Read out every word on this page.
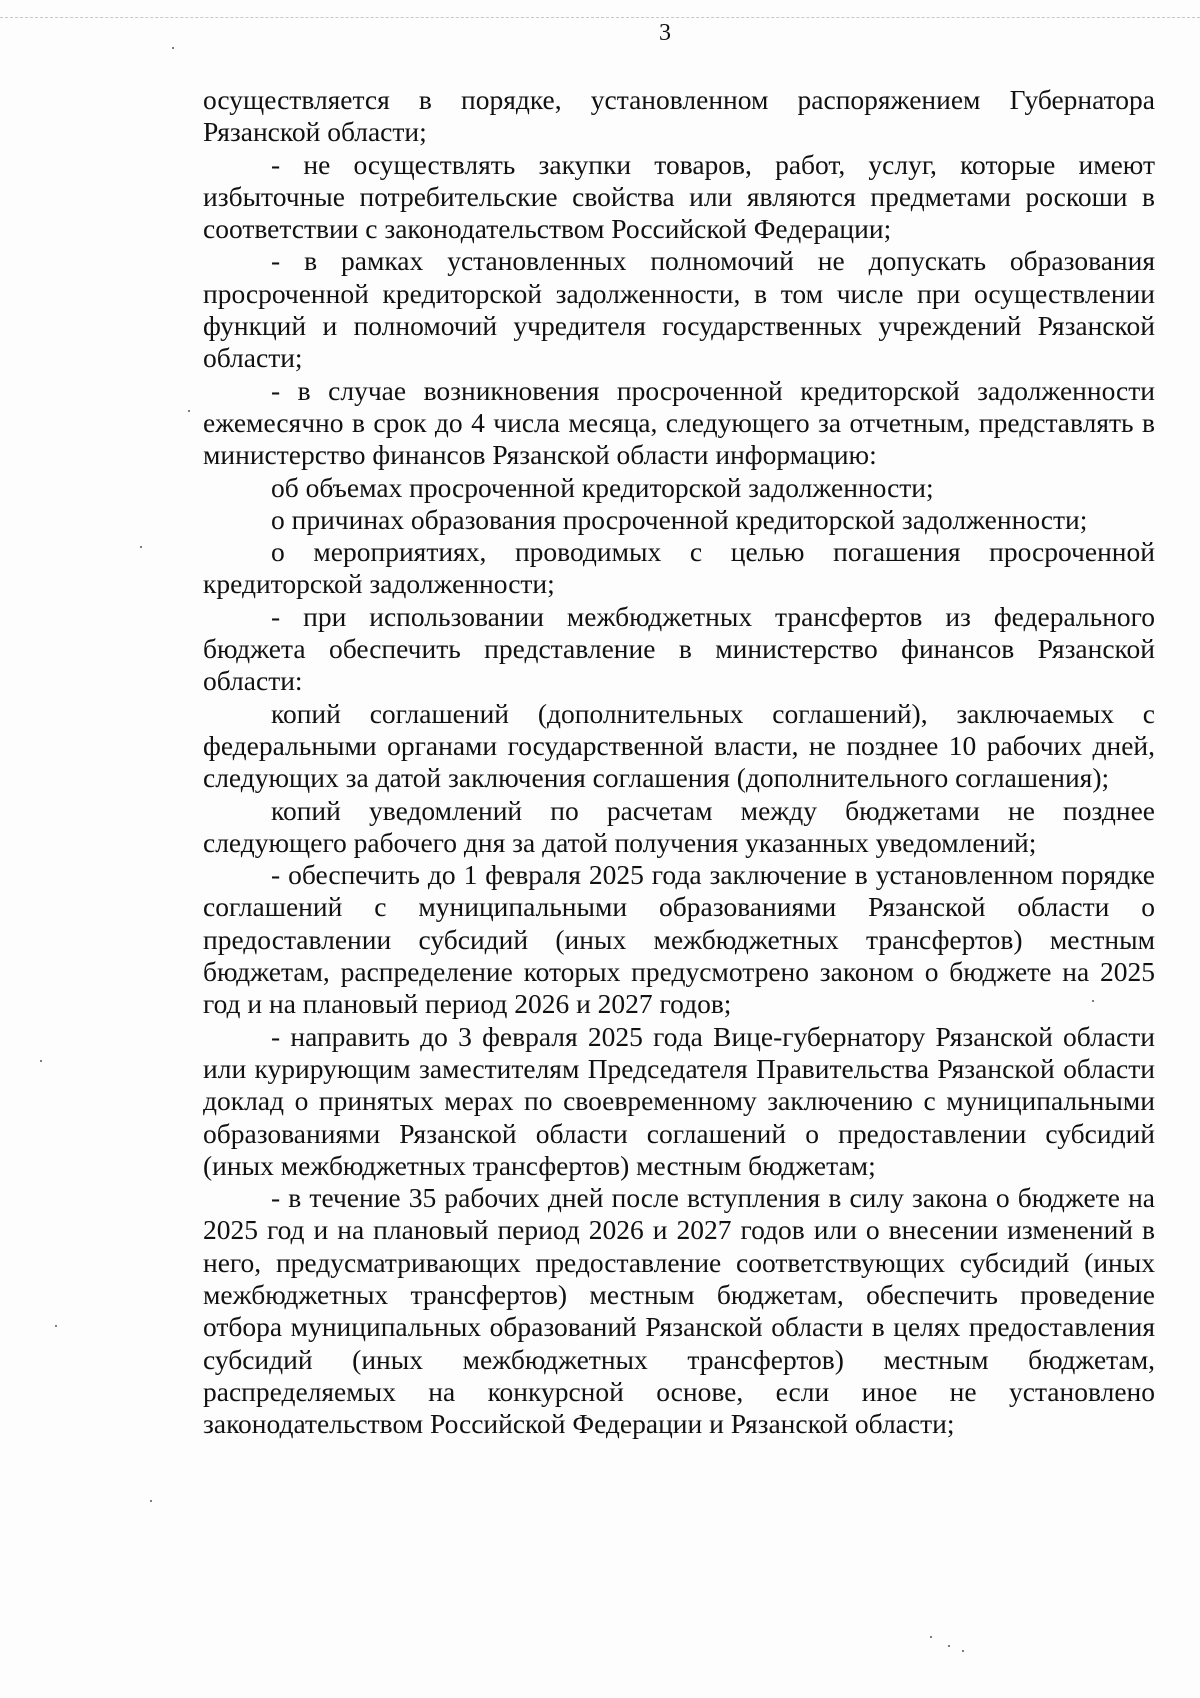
3

осуществляется в порядке, установленном распоряжением Губернатора Рязанской области;

- не осуществлять закупки товаров, работ, услуг, которые имеют избыточные потребительские свойства или являются предметами роскоши в соответствии с законодательством Российской Федерации;

- в рамках установленных полномочий не допускать образования просроченной кредиторской задолженности, в том числе при осуществлении функций и полномочий учредителя государственных учреждений Рязанской области;

- в случае возникновения просроченной кредиторской задолженности ежемесячно в срок до 4 числа месяца, следующего за отчетным, представлять в министерство финансов Рязанской области информацию:

об объемах просроченной кредиторской задолженности;

о причинах образования просроченной кредиторской задолженности;

о мероприятиях, проводимых с целью погашения просроченной кредиторской задолженности;

- при использовании межбюджетных трансфертов из федерального бюджета обеспечить представление в министерство финансов Рязанской области:

копий соглашений (дополнительных соглашений), заключаемых с федеральными органами государственной власти, не позднее 10 рабочих дней, следующих за датой заключения соглашения (дополнительного соглашения);

копий уведомлений по расчетам между бюджетами не позднее следующего рабочего дня за датой получения указанных уведомлений;

- обеспечить до 1 февраля 2025 года заключение в установленном порядке соглашений с муниципальными образованиями Рязанской области о предоставлении субсидий (иных межбюджетных трансфертов) местным бюджетам, распределение которых предусмотрено законом о бюджете на 2025 год и на плановый период 2026 и 2027 годов;

- направить до 3 февраля 2025 года Вице-губернатору Рязанской области или курирующим заместителям Председателя Правительства Рязанской области доклад о принятых мерах по своевременному заключению с муниципальными образованиями Рязанской области соглашений о предоставлении субсидий (иных межбюджетных трансфертов) местным бюджетам;

- в течение 35 рабочих дней после вступления в силу закона о бюджете на 2025 год и на плановый период 2026 и 2027 годов или о внесении изменений в него, предусматривающих предоставление соответствующих субсидий (иных межбюджетных трансфертов) местным бюджетам, обеспечить проведение отбора муниципальных образований Рязанской области в целях предоставления субсидий (иных межбюджетных трансфертов) местным бюджетам, распределяемых на конкурсной основе, если иное не установлено законодательством Российской Федерации и Рязанской области;
